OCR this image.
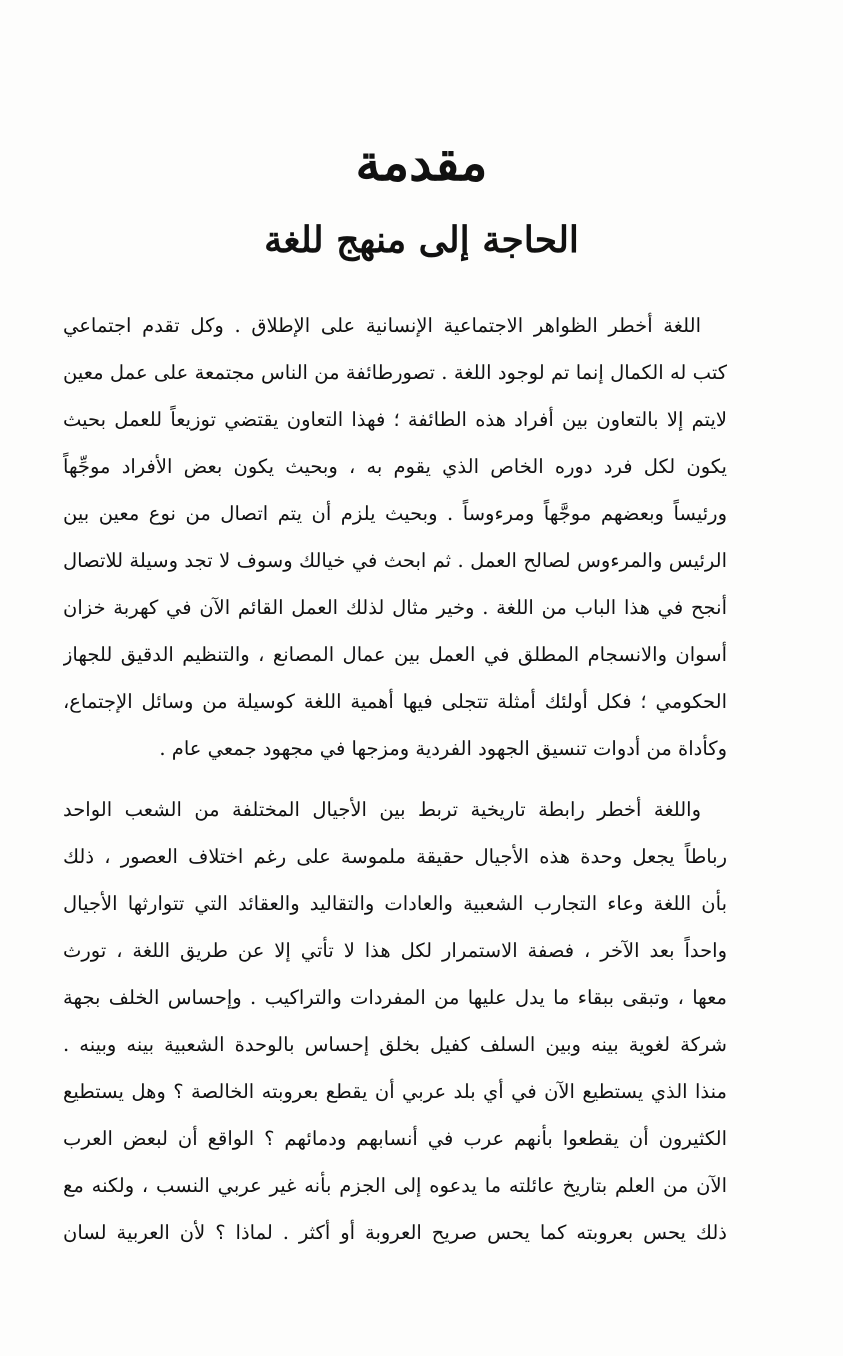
مقدمة
الحاجة إلى منهج للغة
اللغة أخطر الظواهر الاجتماعية الإنسانية على الإطلاق . وكل تقدم اجتماعي
كتب له الكمال إنما تم لوجود اللغة . تصورطائفة من الناس مجتمعة على عمل معين
لايتم إلا بالتعاون بين أفراد هذه الطائفة ؛ فهذا التعاون يقتضي توزيعاً للعمل بحيث
يكون لكل فرد دوره الخاص الذي يقوم به ، وبحيث يكون بعض الأفراد موجِّهاً
ورئيساً وبعضهم موجَّهاً ومرءوساً . وبحيث يلزم أن يتم اتصال من نوع معين بين
الرئيس والمرءوس لصالح العمل . ثم ابحث في خيالك وسوف لا تجد وسيلة للاتصال
أنجح في هذا الباب من اللغة . وخير مثال لذلك العمل القائم الآن في كهربة خزان
أسوان والانسجام المطلق في العمل بين عمال المصانع ، والتنظيم الدقيق للجهاز
الحكومي ؛ فكل أولئك أمثلة تتجلى فيها أهمية اللغة كوسيلة من وسائل الإجتماع،
وكأداة من أدوات تنسيق الجهود الفردية ومزجها في مجهود جمعي عام .
واللغة أخطر رابطة تاريخية تربط بين الأجيال المختلفة من الشعب الواحد
رباطاً يجعل وحدة هذه الأجيال حقيقة ملموسة على رغم اختلاف العصور ، ذلك
بأن اللغة وعاء التجارب الشعبية والعادات والتقاليد والعقائد التي تتوارثها الأجيال
واحداً بعد الآخر ، فصفة الاستمرار لكل هذا لا تأتي إلا عن طريق اللغة ، تورث
معها ، وتبقى ببقاء ما يدل عليها من المفردات والتراكيب . وإحساس الخلف بجهة
شركة لغوية بينه وبين السلف كفيل بخلق إحساس بالوحدة الشعبية بينه وبينه .
منذا الذي يستطيع الآن في أي بلد عربي أن يقطع بعروبته الخالصة ؟ وهل يستطيع
الكثيرون أن يقطعوا بأنهم عرب في أنسابهم ودمائهم ؟ الواقع أن لبعض العرب
الآن من العلم بتاريخ عائلته ما يدعوه إلى الجزم بأنه غير عربي النسب ، ولكنه مع
ذلك يحس بعروبته كما يحس صريح العروبة أو أكثر . لماذا ؟ لأن العربية لسان
